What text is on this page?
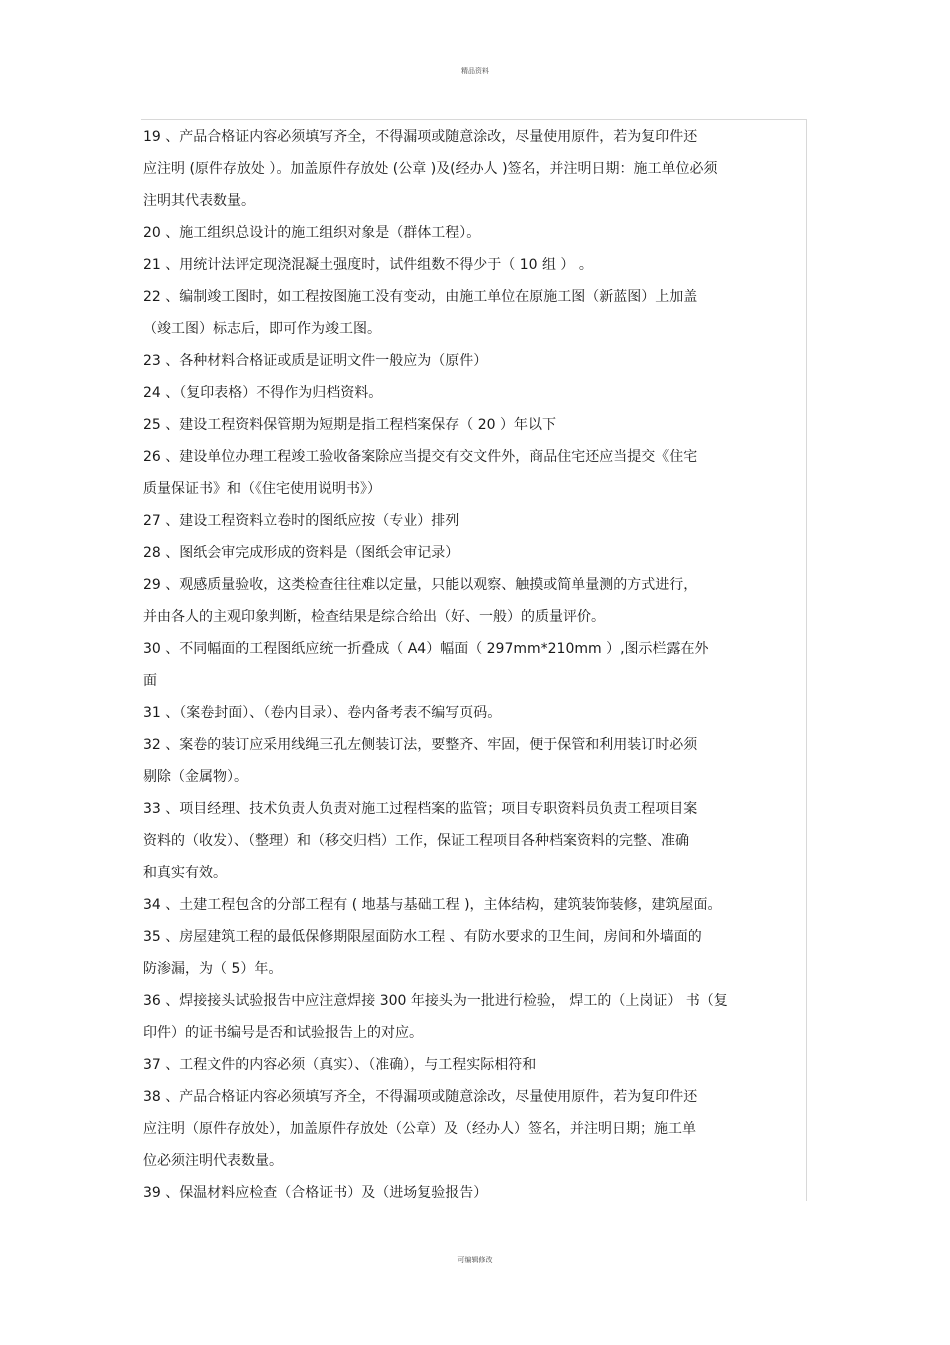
精品资料
19 、产品合格证内容必须填写齐全，不得漏项或随意涂改，尽量使用原件，若为复印件还
应注明 (原件存放处 ）。加盖原件存放处 (公章 )及(经办人 )签名，并注明日期：施工单位必须
注明其代表数量。
20 、施工组织总设计的施工组织对象是（群体工程）。
21 、用统计法评定现浇混凝土强度时，试件组数不得少于（ 10 组 ） 。
22 、编制竣工图时，如工程按图施工没有变动，由施工单位在原施工图（新蓝图）上加盖
（竣工图）标志后，即可作为竣工图。
23 、各种材料合格证或质是证明文件一般应为（原件）
24 、（复印表格）不得作为归档资料。
25 、建设工程资料保管期为短期是指工程档案保存（ 20 ）年以下
26 、建设单位办理工程竣工验收备案除应当提交有交文件外，商品住宅还应当提交《住宅
质量保证书》和（《住宅使用说明书》）
27 、建设工程资料立卷时的图纸应按（专业）排列
28 、图纸会审完成形成的资料是（图纸会审记录）
29 、观感质量验收，这类检查往往难以定量，只能以观察、触摸或简单量测的方式进行，
并由各人的主观印象判断，检查结果是综合给出（好、一般）的质量评价。
30 、不同幅面的工程图纸应统一折叠成（ A4）幅面（ 297mm*210mm ）,图示栏露在外
面
31 、（案卷封面）、（卷内目录）、卷内备考表不编写页码。
32 、案卷的装订应采用线绳三孔左侧装订法，要整齐、牢固，便于保管和利用装订时必须
剔除（金属物）。
33 、项目经理、技术负责人负责对施工过程档案的监管；项目专职资料员负责工程项目案
资料的（收发）、（整理）和（移交归档）工作，保证工程项目各种档案资料的完整、准确
和真实有效。
34 、土建工程包含的分部工程有 ( 地基与基础工程 )，主体结构，建筑装饰装修，建筑屋面。
35 、房屋建筑工程的最低保修期限屋面防水工程 、有防水要求的卫生间，房间和外墙面的
防渗漏，为（ 5）年。
36 、焊接接头试验报告中应注意焊接 300 年接头为一批进行检验， 焊工的（上岗证） 书（复
印件）的证书编号是否和试验报告上的对应。
37 、工程文件的内容必须（真实）、（准确），与工程实际相符和
38 、产品合格证内容必须填写齐全，不得漏项或随意涂改，尽量使用原件，若为复印件还
应注明（原件存放处），加盖原件存放处（公章）及（经办人）签名，并注明日期；施工单
位必须注明代表数量。
39 、保温材料应检查（合格证书）及（进场复验报告）
可编辑修改
